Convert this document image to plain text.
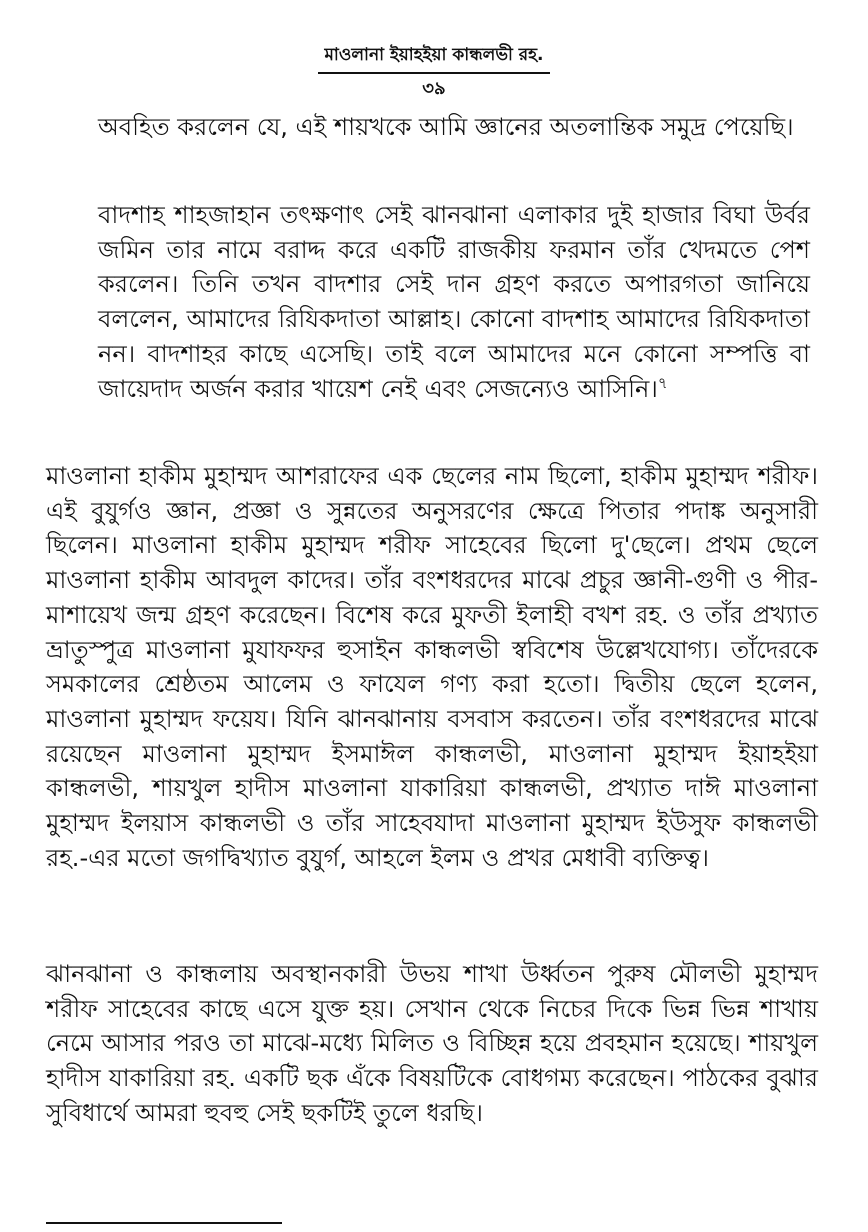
মাওলানা ইয়াহইয়া কান্ধলভী রহ.
৩৯

অবহিত করলেন যে, এই শায়খকে আমি জ্ঞানের অতলান্তিক সমুদ্র পেয়েছি।

বাদশাহ শাহজাহান তৎক্ষণাৎ সেই ঝানঝানা এলাকার দুই হাজার বিঘা উর্বর জমিন তার নামে বরাদ্দ করে একটি রাজকীয় ফরমান তাঁর খেদমতে পেশ করলেন। তিনি তখন বাদশার সেই দান গ্রহণ করতে অপারগতা জানিয়ে বললেন, আমাদের রিযিকদাতা আল্লাহ। কোনো বাদশাহ আমাদের রিযিকদাতা নন। বাদশাহর কাছে এসেছি। তাই বলে আমাদের মনে কোনো সম্পত্তি বা জায়েদাদ অর্জন করার খায়েশ নেই এবং সেজন্যেও আসিনি।$^৭$

মাওলানা হাকীম মুহাম্মদ আশরাফের এক ছেলের নাম ছিলো, হাকীম মুহাম্মদ শরীফ। এই বুযুর্গও জ্ঞান, প্রজ্ঞা ও সুন্নতের অনুসরণের ক্ষেত্রে পিতার পদাঙ্ক অনুসারী ছিলেন। মাওলানা হাকীম মুহাম্মদ শরীফ সাহেবের ছিলো দু'ছেলে। প্রথম ছেলে মাওলানা হাকীম আবদুল কাদের। তাঁর বংশধরদের মাঝে প্রচুর জ্ঞানী-গুণী ও পীর-মাশায়েখ জন্ম গ্রহণ করেছেন। বিশেষ করে মুফতী ইলাহী বখশ রহ. ও তাঁর প্রখ্যাত ভ্রাতুস্পুত্র মাওলানা মুযাফফর হুসাইন কান্ধলভী স্ববিশেষ উল্লেখযোগ্য। তাঁদেরকে সমকালের শ্রেষ্ঠতম আলেম ও ফাযেল গণ্য করা হতো। দ্বিতীয় ছেলে হলেন, মাওলানা মুহাম্মদ ফয়েয। যিনি ঝানঝানায় বসবাস করতেন। তাঁর বংশধরদের মাঝে রয়েছেন মাওলানা মুহাম্মদ ইসমাঈল কান্ধলভী, মাওলানা মুহাম্মদ ইয়াহইয়া কান্ধলভী, শায়খুল হাদীস মাওলানা যাকারিয়া কান্ধলভী, প্রখ্যাত দাঈ মাওলানা মুহাম্মদ ইলয়াস কান্ধলভী ও তাঁর সাহেবযাদা মাওলানা মুহাম্মদ ইউসুফ কান্ধলভী রহ.-এর মতো জগদ্বিখ্যাত বুযুর্গ, আহলে ইলম ও প্রখর মেধাবী ব্যক্তিত্ব।

ঝানঝানা ও কান্ধলায় অবস্থানকারী উভয় শাখা উর্ধ্বতন পুরুষ মৌলভী মুহাম্মদ শরীফ সাহেবের কাছে এসে যুক্ত হয়। সেখান থেকে নিচের দিকে ভিন্ন ভিন্ন শাখায় নেমে আসার পরও তা মাঝে-মধ্যে মিলিত ও বিচ্ছিন্ন হয়ে প্রবহমান হয়েছে। শায়খুল হাদীস যাকারিয়া রহ. একটি ছক এঁকে বিষয়টিকে বোধগম্য করেছেন। পাঠকের বুঝার সুবিধার্থে আমরা হুবহু সেই ছকটিই তুলে ধরছি।
